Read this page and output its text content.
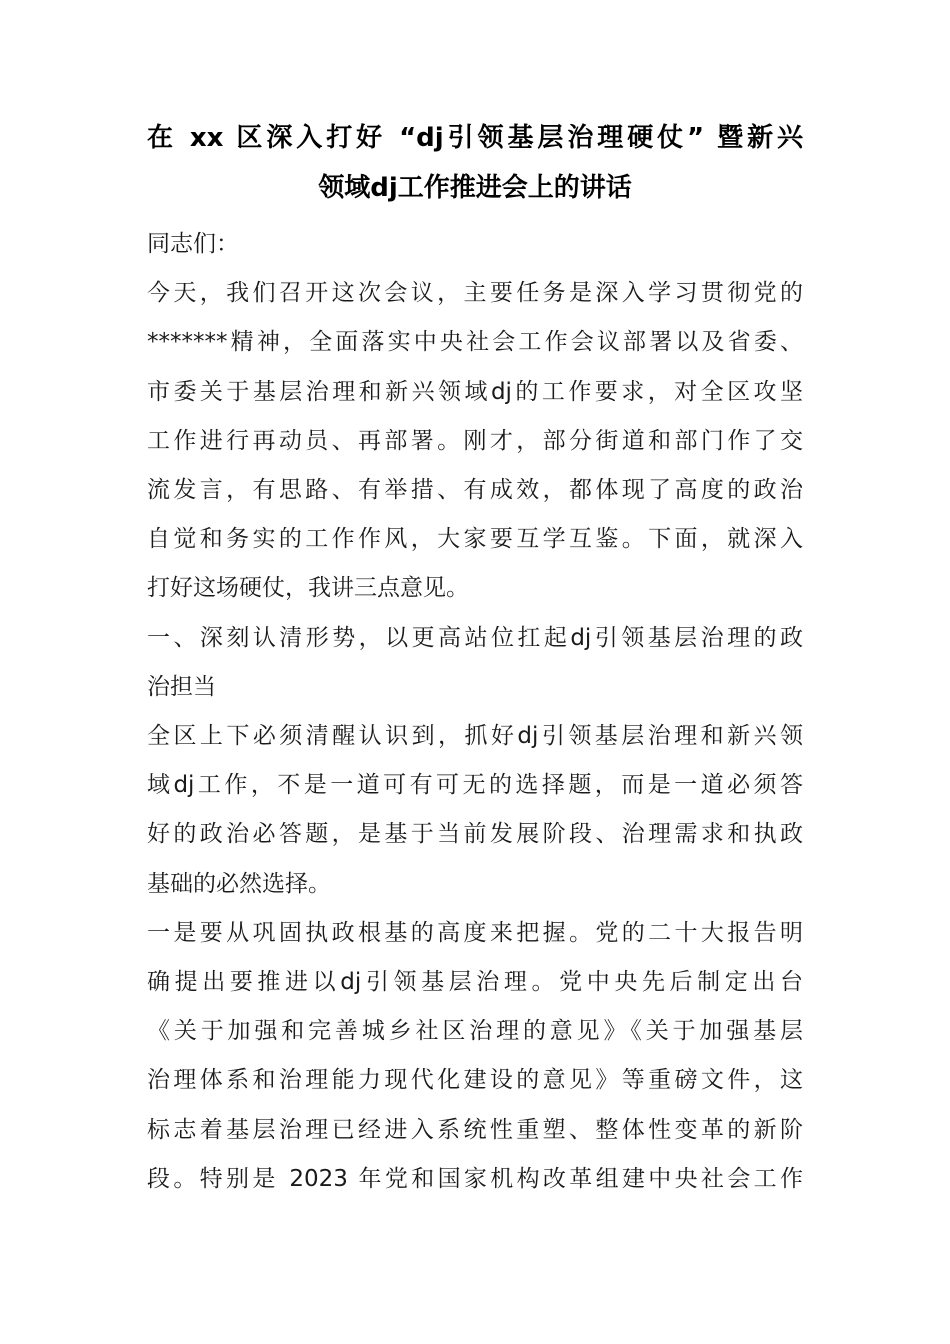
在 xx 区深入打好 “dj引领基层治理硬仗” 暨新兴
领域dj工作推进会上的讲话
同志们：
今天，我们召开这次会议，主要任务是深入学习贯彻党的
*******精神，全面落实中央社会工作会议部署以及省委、
市委关于基层治理和新兴领域dj的工作要求，对全区攻坚
工作进行再动员、再部署。刚才，部分街道和部门作了交
流发言，有思路、有举措、有成效，都体现了高度的政治
自觉和务实的工作作风，大家要互学互鉴。下面，就深入
打好这场硬仗，我讲三点意见。
一、深刻认清形势，以更高站位扛起dj引领基层治理的政
治担当
全区上下必须清醒认识到，抓好dj引领基层治理和新兴领
域dj工作，不是一道可有可无的选择题，而是一道必须答
好的政治必答题，是基于当前发展阶段、治理需求和执政
基础的必然选择。
一是要从巩固执政根基的高度来把握。党的二十大报告明
确提出要推进以dj引领基层治理。党中央先后制定出台
《关于加强和完善城乡社区治理的意见》《关于加强基层
治理体系和治理能力现代化建设的意见》等重磅文件，这
标志着基层治理已经进入系统性重塑、整体性变革的新阶
段。特别是 2023 年党和国家机构改革组建中央社会工作
